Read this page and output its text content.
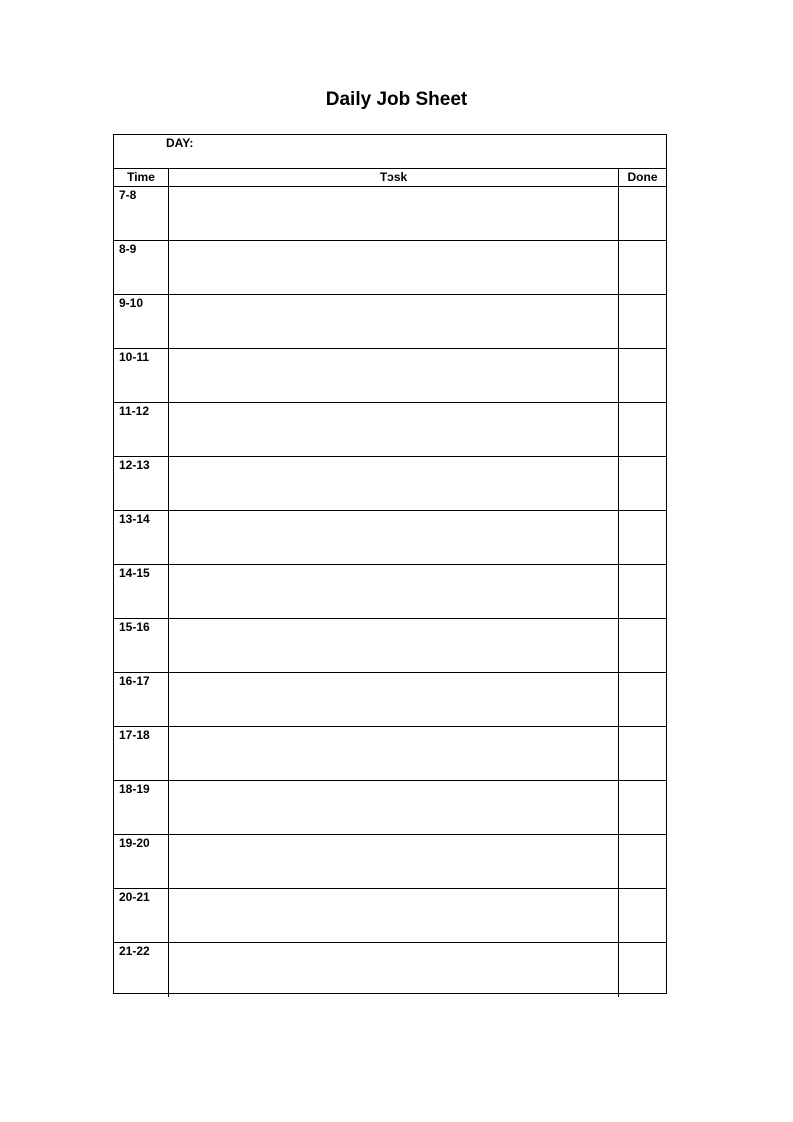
Daily Job Sheet
DAY:
Time	Tɔsk	Done
7-8
8-9
9-10
10-11
11-12
12-13
13-14
14-15
15-16
16-17
17-18
18-19
19-20
20-21
21-22
